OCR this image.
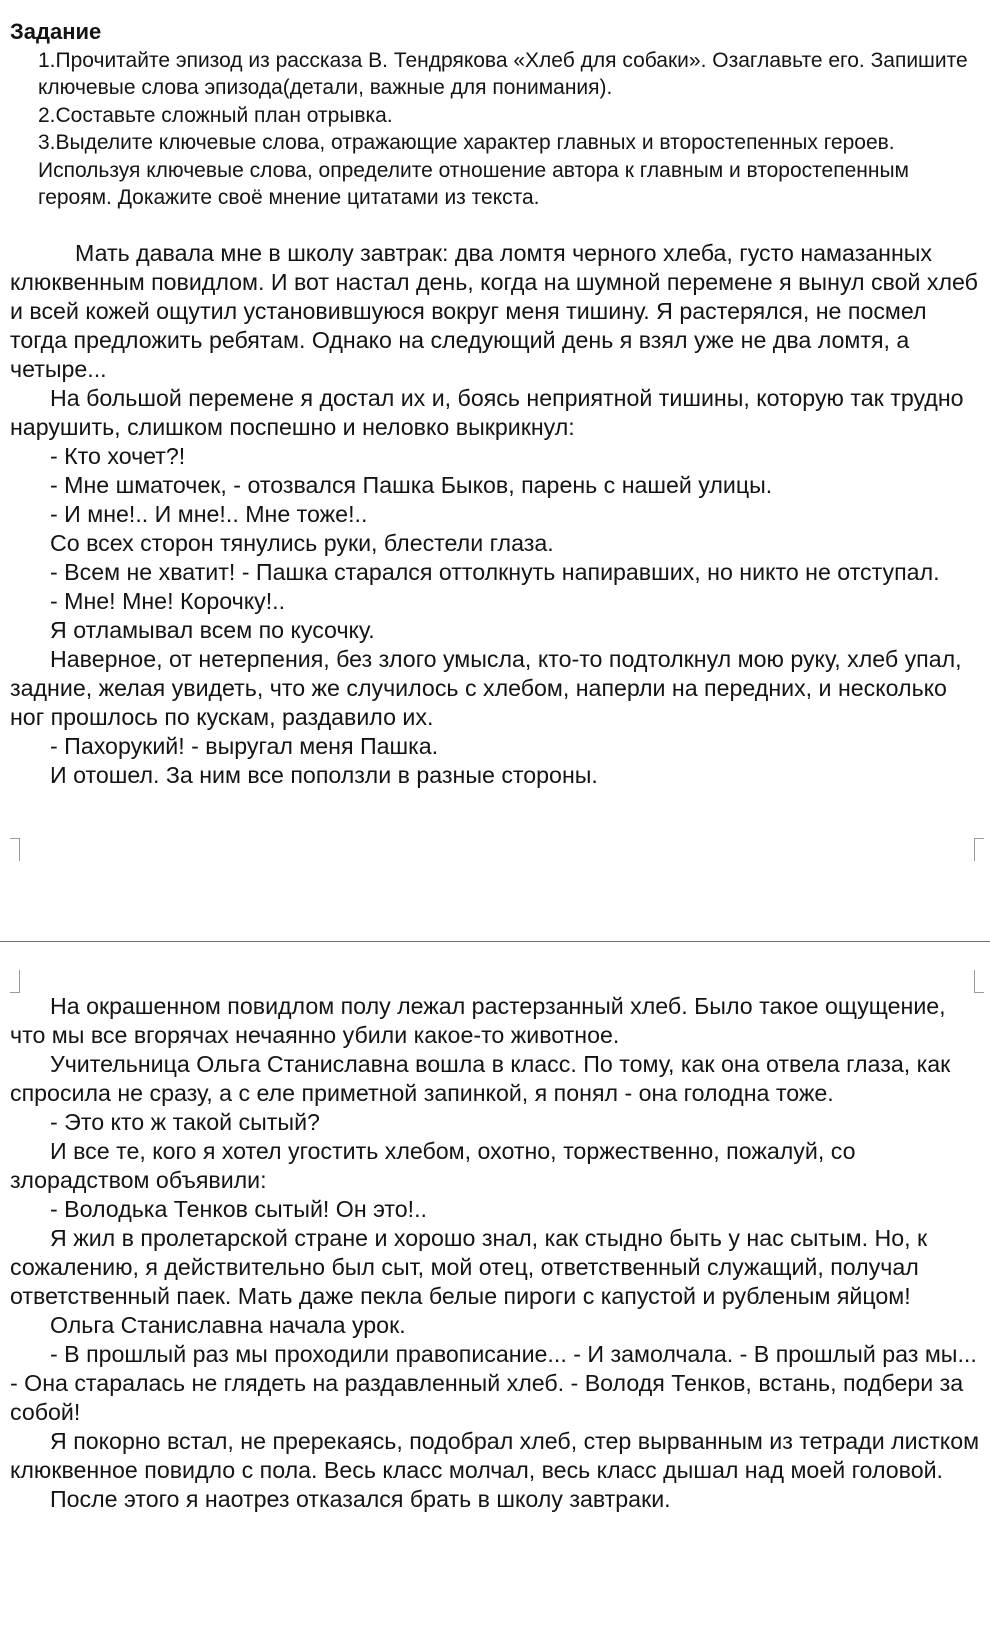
Задание
1.Прочитайте эпизод из рассказа В. Тендрякова «Хлеб для собаки». Озаглавьте его. Запишите ключевые слова эпизода(детали, важные для понимания).
2.Составьте сложный план отрывка.
3.Выделите ключевые слова, отражающие характер главных и второстепенных героев. Используя ключевые слова, определите отношение автора к главным и второстепенным героям. Докажите своё мнение цитатами из текста.

Мать давала мне в школу завтрак: два ломтя черного хлеба, густо намазанных клюквенным повидлом. И вот настал день, когда на шумной перемене я вынул свой хлеб и всей кожей ощутил установившуюся вокруг меня тишину. Я растерялся, не посмел тогда предложить ребятам. Однако на следующий день я взял уже не два ломтя, а четыре...

На большой перемене я достал их и, боясь неприятной тишины, которую так трудно нарушить, слишком поспешно и неловко выкрикнул:

- Кто хочет?!

- Мне шматочек, - отозвался Пашка Быков, парень с нашей улицы.

- И мне!.. И мне!.. Мне тоже!..

Со всех сторон тянулись руки, блестели глаза.

- Всем не хватит! - Пашка старался оттолкнуть напиравших, но никто не отступал.

- Мне! Мне! Корочку!..

Я отламывал всем по кусочку.

Наверное, от нетерпения, без злого умысла, кто-то подтолкнул мою руку, хлеб упал, задние, желая увидеть, что же случилось с хлебом, наперли на передних, и несколько ног прошлось по кускам, раздавило их.

- Пахорукий! - выругал меня Пашка.

И отошел. За ним все поползли в разные стороны.

На окрашенном повидлом полу лежал растерзанный хлеб. Было такое ощущение, что мы все вгорячах нечаянно убили какое-то животное.

Учительница Ольга Станиславна вошла в класс. По тому, как она отвела глаза, как спросила не сразу, а с еле приметной запинкой, я понял - она голодна тоже.

- Это кто ж такой сытый?

И все те, кого я хотел угостить хлебом, охотно, торжественно, пожалуй, со злорадством объявили:

- Володька Тенков сытый! Он это!..

Я жил в пролетарской стране и хорошо знал, как стыдно быть у нас сытым. Но, к сожалению, я действительно был сыт, мой отец, ответственный служащий, получал ответственный паек. Мать даже пекла белые пироги с капустой и рубленым яйцом!

Ольга Станиславна начала урок.

- В прошлый раз мы проходили правописание... - И замолчала. - В прошлый раз мы... - Она старалась не глядеть на раздавленный хлеб. - Володя Тенков, встань, подбери за собой!

Я покорно встал, не пререкаясь, подобрал хлеб, стер вырванным из тетради листком клюквенное повидло с пола. Весь класс молчал, весь класс дышал над моей головой.

После этого я наотрез отказался брать в школу завтраки.
